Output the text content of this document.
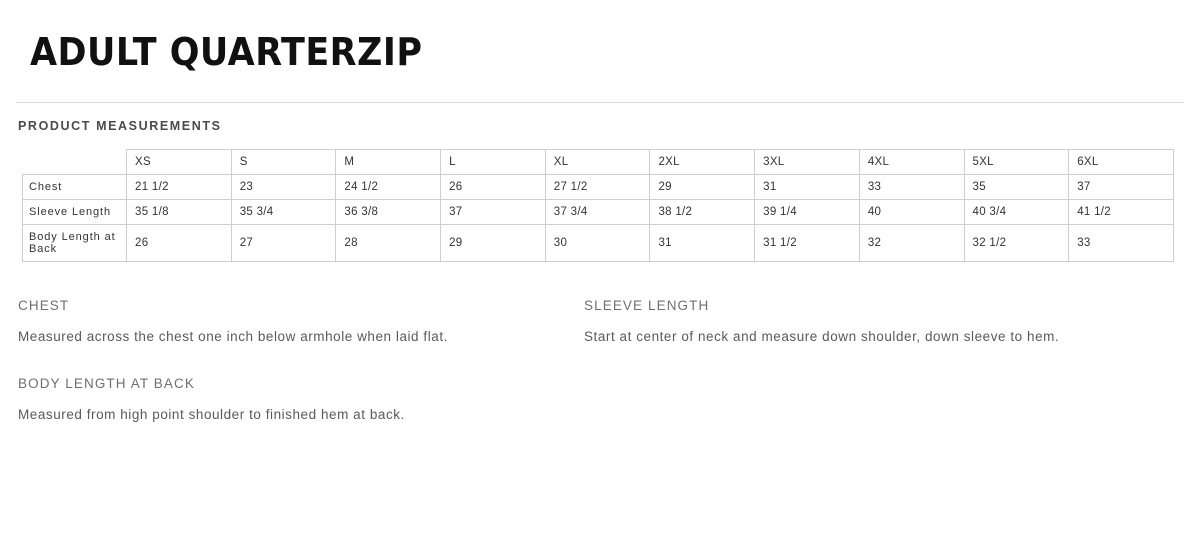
ADULT QUARTERZIP
PRODUCT MEASUREMENTS
	XS	S	M	L	XL	2XL	3XL	4XL	5XL	6XL
Chest	21 1/2	23	24 1/2	26	27 1/2	29	31	33	35	37
Sleeve Length	35 1/8	35 3/4	36 3/8	37	37 3/4	38 1/2	39 1/4	40	40 3/4	41 1/2
Body Length at Back	26	27	28	29	30	31	31 1/2	32	32 1/2	33
CHEST
Measured across the chest one inch below armhole when laid flat.
SLEEVE LENGTH
Start at center of neck and measure down shoulder, down sleeve to hem.
BODY LENGTH AT BACK
Measured from high point shoulder to finished hem at back.
